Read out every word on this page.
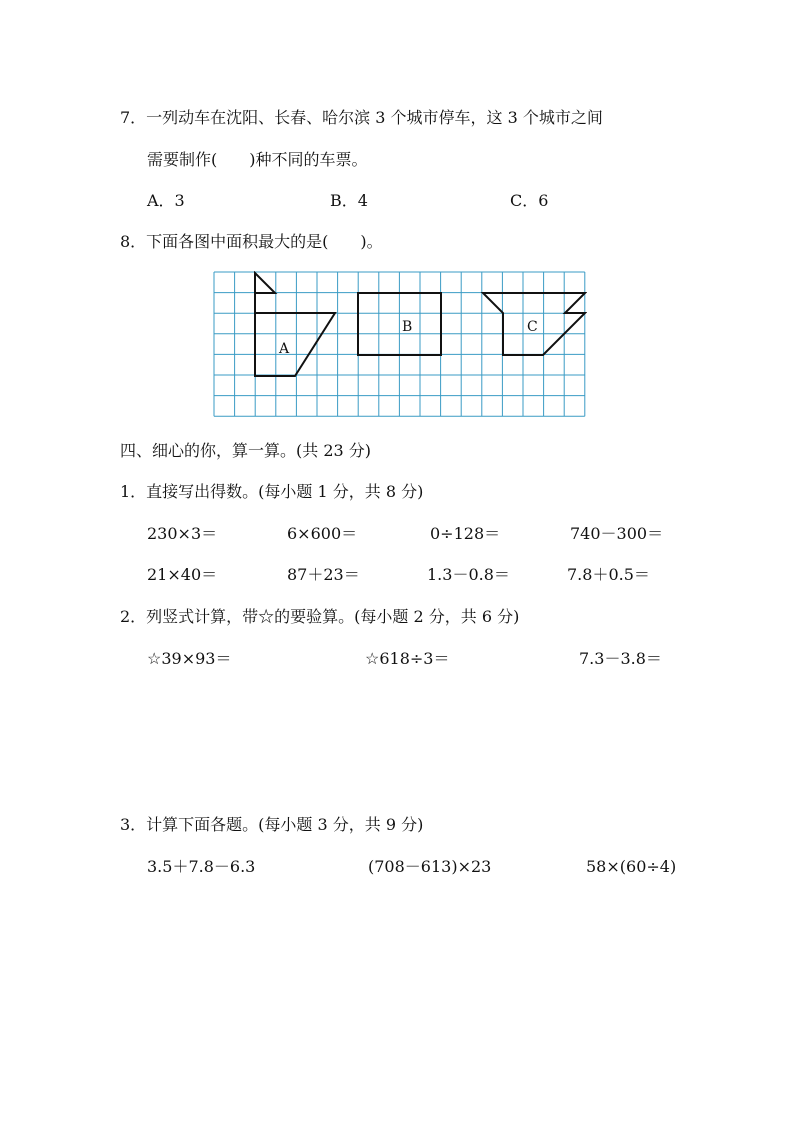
7．一列动车在沈阳、长春、哈尔滨 3 个城市停车，这 3 个城市之间
需要制作(　　)种不同的车票。
A．3	B．4	C．6
8．下面各图中面积最大的是(　　)。
A
B	C
四、细心的你，算一算。(共 23 分)
1．直接写出得数。(每小题 1 分，共 8 分)
230×3＝	6×600＝	0÷128＝	740－300＝
21×40＝	87＋23＝	1.3－0.8＝	7.8＋0.5＝
2．列竖式计算，带☆的要验算。(每小题 2 分，共 6 分)
☆39×93＝	☆618÷3＝	7.3－3.8＝
3．计算下面各题。(每小题 3 分，共 9 分)
3.5＋7.8－6.3	(708－613)×23	58×(60÷4)
